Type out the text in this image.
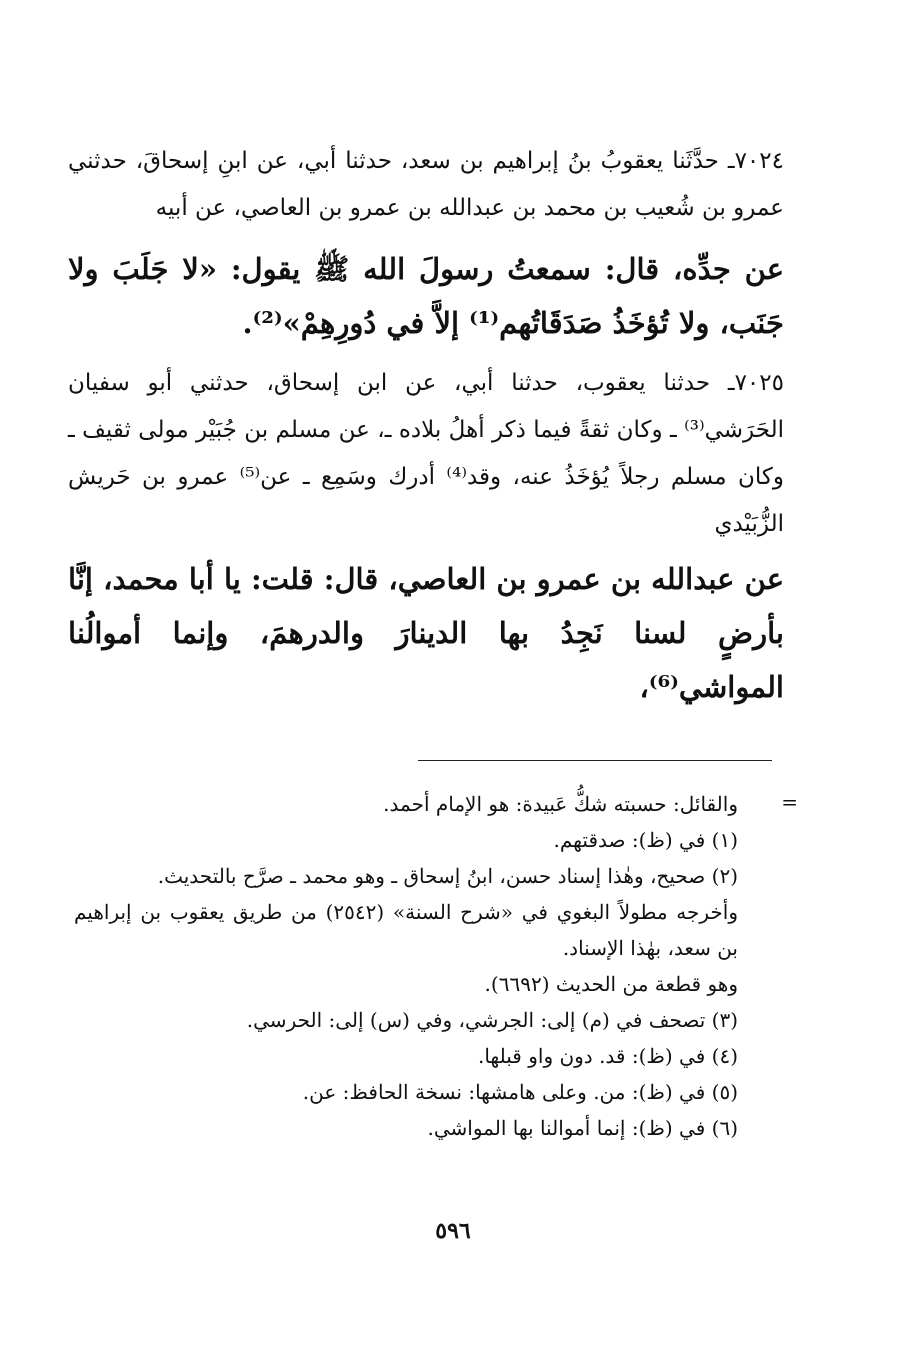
٧٠٢٤ـ حدَّثَنا يعقوبُ بنُ إبراهيم بن سعد، حدثنا أبي، عن ابنِ إسحاقَ، حدثني عمرو بن شُعيب بن محمد بن عبدالله بن عمرو بن العاصي، عن أبيه

عن جدِّه، قال: سمعتُ رسولَ الله ﷺ يقول: «لا جَلَبَ ولا جَنَب، ولا تُؤخَذُ صَدَقَاتُهم⁽¹⁾ إلاَّ في دُورِهِمْ»⁽²⁾.

٧٠٢٥ـ حدثنا يعقوب، حدثنا أبي، عن ابن إسحاق، حدثني أبو سفيان الحَرَشي⁽³⁾ ـ وكان ثقةً فيما ذكر أهلُ بلاده ـ، عن مسلم بن جُبَيْر مولى ثقيف ـ وكان مسلم رجلاً يُؤخَذُ عنه، وقد⁽⁴⁾ أدرك وسَمِع ـ عن⁽⁵⁾ عمرو بن حَريش الزُّبَيْدي

عن عبدالله بن عمرو بن العاصي، قال: قلت: يا أبا محمد، إنَّا بأرضٍ لسنا نَجِدُ بها الدينارَ والدرهمَ، وإنما أموالُنا المواشي⁽⁶⁾،

=

والقائل: حسبته شكُّ عَبيدة: هو الإمام أحمد.

(١) في (ظ): صدقتهم.

(٢) صحيح، وهٰذا إسناد حسن، ابنُ إسحاق ـ وهو محمد ـ صرَّح بالتحديث.

وأخرجه مطولاً البغوي في «شرح السنة» (٢٥٤٢) من طريق يعقوب بن إبراهيم بن سعد، بهٰذا الإسناد.

وهو قطعة من الحديث (٦٦٩٢).

(٣) تصحف في (م) إلى: الجرشي، وفي (س) إلى: الحرسي.

(٤) في (ظ): قد. دون واو قبلها.

(٥) في (ظ): من. وعلى هامشها: نسخة الحافظ: عن.

(٦) في (ظ): إنما أموالنا بها المواشي.

٥٩٦
